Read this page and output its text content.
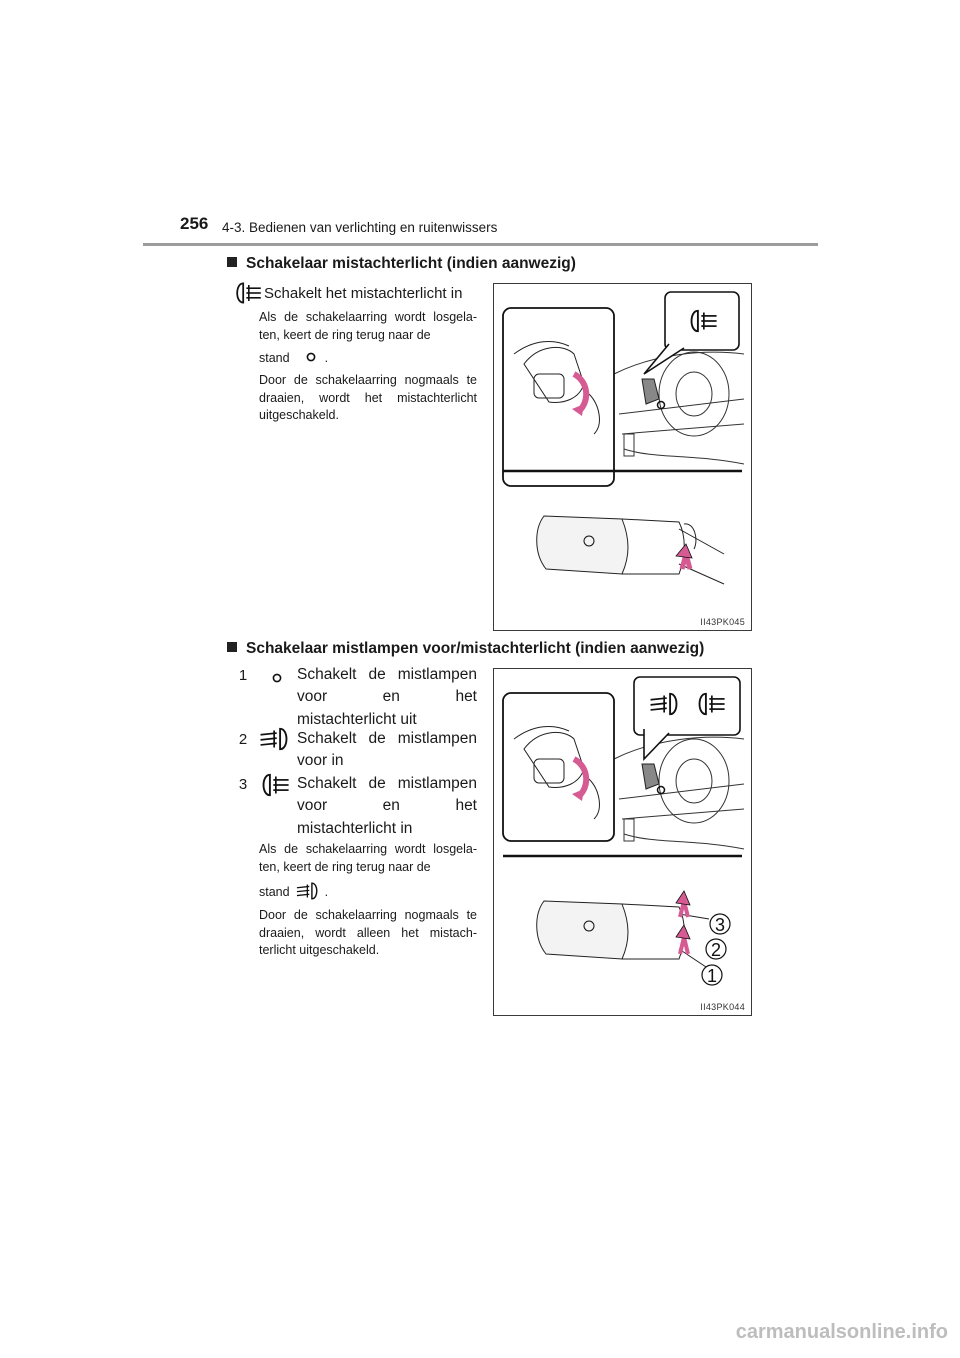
256 4-3. Bedienen van verlichting en ruitenwissers
Schakelaar mistachterlicht (indien aanwezig)
Schakelt het mistachterlicht in
Als de schakelaarring wordt losgela-ten, keert de ring terug naar de
stand	.
Door de schakelaarring nogmaals te draaien, wordt het mistachterlicht uitgeschakeld.
II43PK045
Schakelaar mistlampen voor/mistachterlicht (indien aanwezig)
1	Schakelt de mistlampen voor en het mistachterlicht uit
2	Schakelt de mistlampen voor in
3	Schakelt de mistlampen voor en het mistachterlicht in
Als de schakelaarring wordt losgela-ten, keert de ring terug naar de
stand	.
Door de schakelaarring nogmaals te draaien, wordt alleen het mistach-terlicht uitgeschakeld.
3
2
1
II43PK044
carmanualsonline.info
